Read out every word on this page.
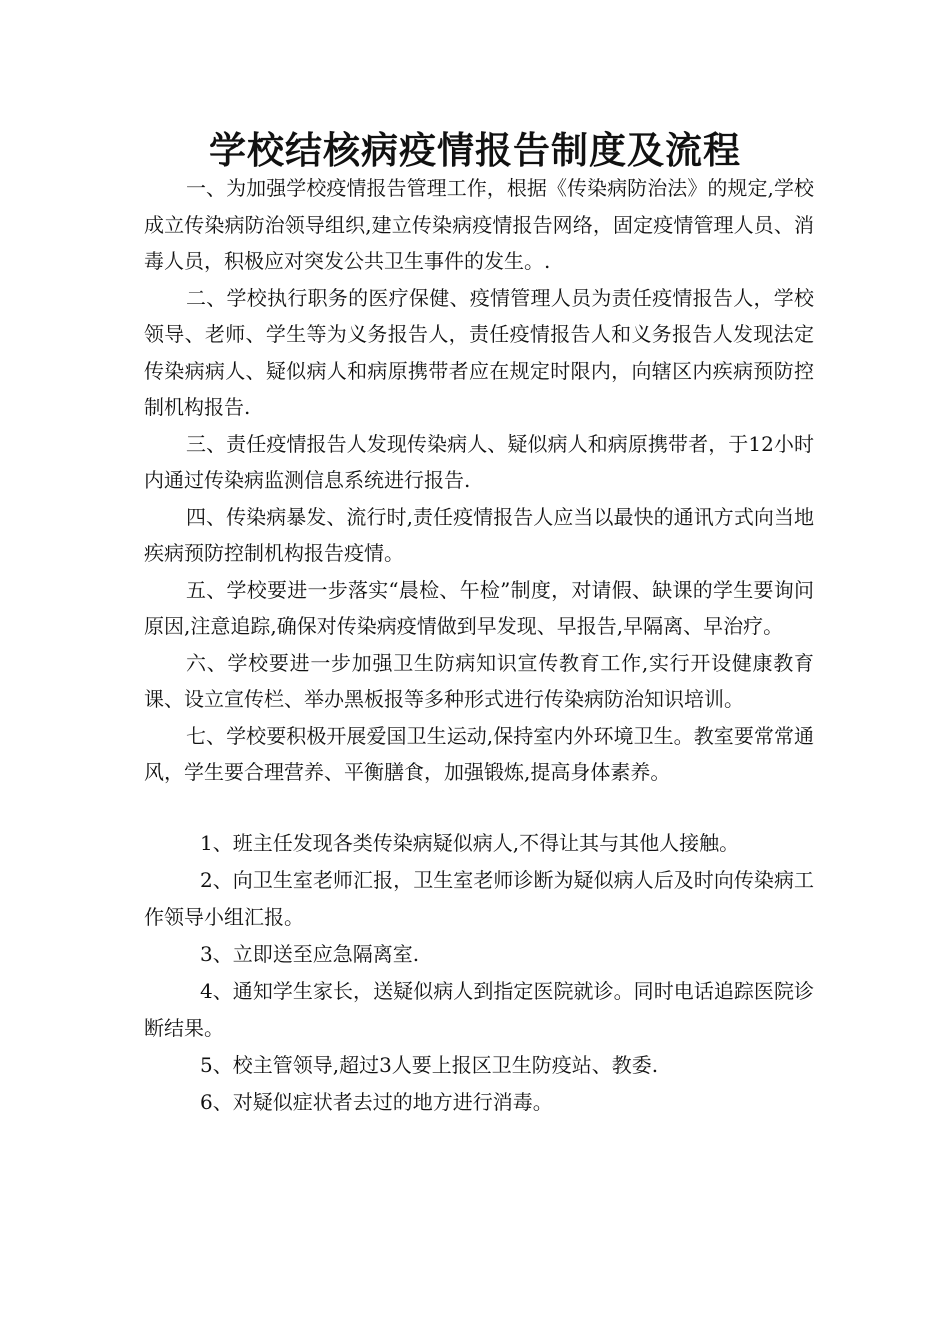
学校结核病疫情报告制度及流程

一、为加强学校疫情报告管理工作，根据《传染病防治法》的规定,学校成立传染病防治领导组织,建立传染病疫情报告网络，固定疫情管理人员、消毒人员，积极应对突发公共卫生事件的发生。.

二、学校执行职务的医疗保健、疫情管理人员为责任疫情报告人，学校领导、老师、学生等为义务报告人，责任疫情报告人和义务报告人发现法定传染病病人、疑似病人和病原携带者应在规定时限内，向辖区内疾病预防控制机构报告.

三、责任疫情报告人发现传染病人、疑似病人和病原携带者，于12小时内通过传染病监测信息系统进行报告.

四、传染病暴发、流行时,责任疫情报告人应当以最快的通讯方式向当地疾病预防控制机构报告疫情。

五、学校要进一步落实“晨检、午检”制度，对请假、缺课的学生要询问原因,注意追踪,确保对传染病疫情做到早发现、早报告,早隔离、早治疗。

六、学校要进一步加强卫生防病知识宣传教育工作,实行开设健康教育课、设立宣传栏、举办黑板报等多种形式进行传染病防治知识培训。

七、学校要积极开展爱国卫生运动,保持室内外环境卫生。教室要常常通风，学生要合理营养、平衡膳食，加强锻炼,提高身体素养。

1、班主任发现各类传染病疑似病人,不得让其与其他人接触。

2、向卫生室老师汇报，卫生室老师诊断为疑似病人后及时向传染病工作领导小组汇报。

3、立即送至应急隔离室.

4、通知学生家长，送疑似病人到指定医院就诊。同时电话追踪医院诊断结果。

5、校主管领导,超过3人要上报区卫生防疫站、教委.

6、对疑似症状者去过的地方进行消毒。
